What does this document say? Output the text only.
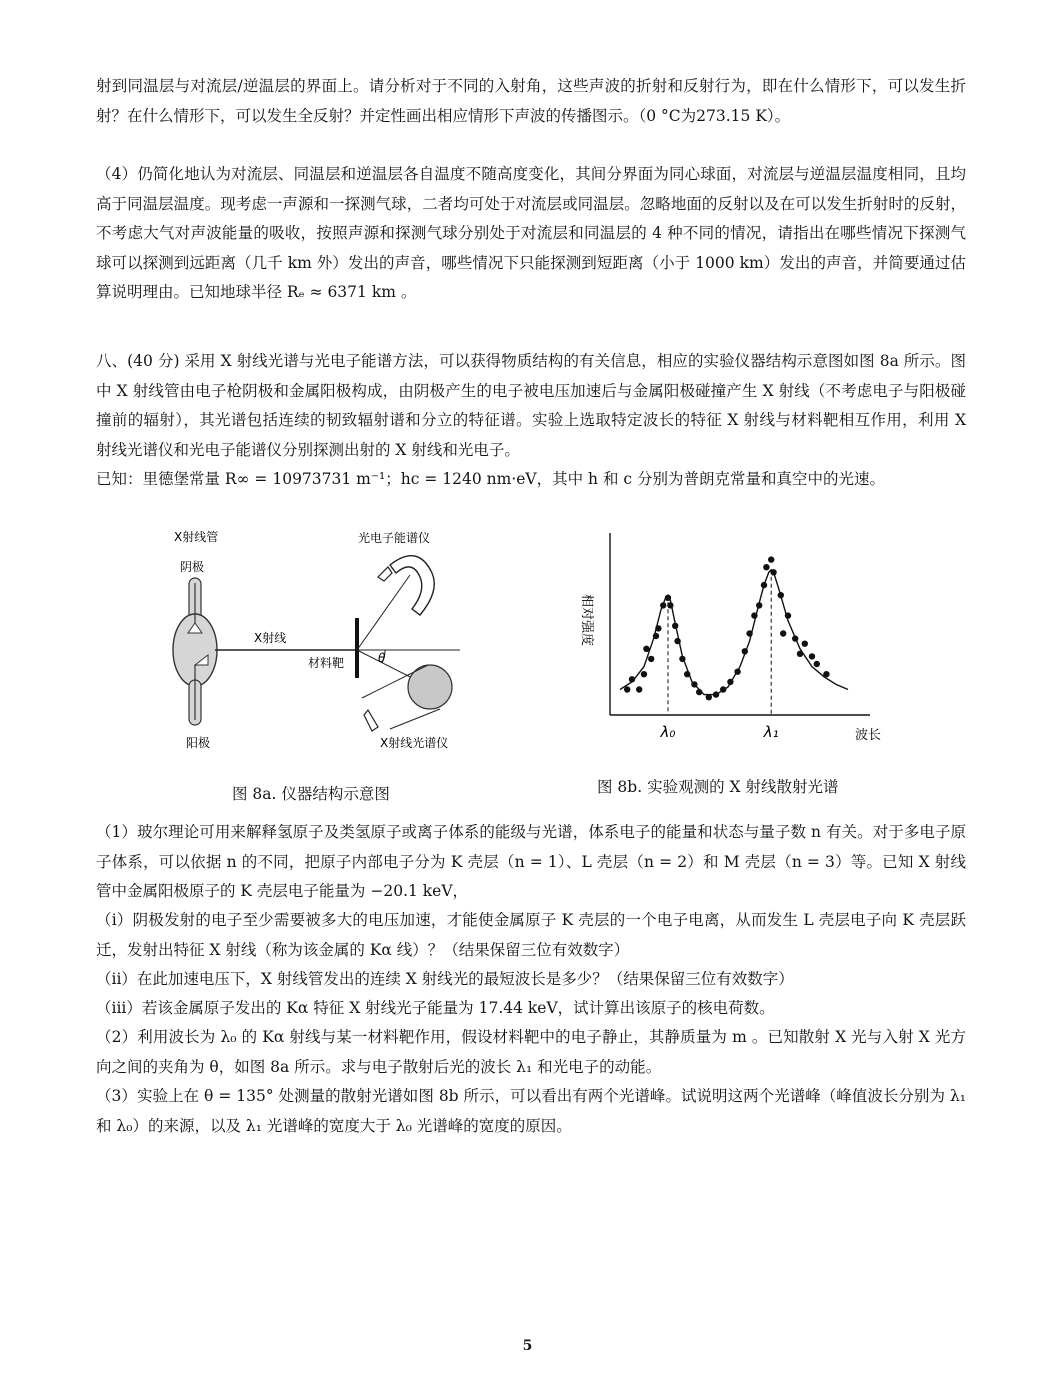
射到同温层与对流层/逆温层的界面上。请分析对于不同的入射角，这些声波的折射和反射行为，即在什么情形下，可以发生折射？在什么情形下，可以发生全反射？并定性画出相应情形下声波的传播图示。（0 °C为273.15 K）。

（4）仍简化地认为对流层、同温层和逆温层各自温度不随高度变化，其间分界面为同心球面，对流层与逆温层温度相同，且均高于同温层温度。现考虑一声源和一探测气球，二者均可处于对流层或同温层。忽略地面的反射以及在可以发生折射时的反射，不考虑大气对声波能量的吸收，按照声源和探测气球分别处于对流层和同温层的 4 种不同的情况，请指出在哪些情况下探测气球可以探测到远距离（几千 km 外）发出的声音，哪些情况下只能探测到短距离（小于 1000 km）发出的声音，并简要通过估算说明理由。已知地球半径 Rₑ ≈ 6371 km 。

八、(40 分) 采用 X 射线光谱与光电子能谱方法，可以获得物质结构的有关信息，相应的实验仪器结构示意图如图 8a 所示。图中 X 射线管由电子枪阴极和金属阳极构成，由阴极产生的电子被电压加速后与金属阳极碰撞产生 X 射线（不考虑电子与阳极碰撞前的辐射），其光谱包括连续的韧致辐射谱和分立的特征谱。实验上选取特定波长的特征 X 射线与材料靶相互作用，利用 X 射线光谱仪和光电子能谱仪分别探测出射的 X 射线和光电子。

已知：里德堡常量 R∞ = 10973731 m⁻¹；hc = 1240 nm·eV，其中 h 和 c 分别为普朗克常量和真空中的光速。

X射线管
阴极
阳极
X射线
材料靶	θ
光电子能谱仪
X射线光谱仪
相对强度
波长
λ₀	λ₁
图 8a. 仪器结构示意图	图 8b. 实验观测的 X 射线散射光谱

（1）玻尔理论可用来解释氢原子及类氢原子或离子体系的能级与光谱，体系电子的能量和状态与量子数 n 有关。对于多电子原子体系，可以依据 n 的不同，把原子内部电子分为 K 壳层（n = 1）、L 壳层（n = 2）和 M 壳层（n = 3）等。已知 X 射线管中金属阳极原子的 K 壳层电子能量为 −20.1 keV，

（i）阴极发射的电子至少需要被多大的电压加速，才能使金属原子 K 壳层的一个电子电离，从而发生 L 壳层电子向 K 壳层跃迁，发射出特征 X 射线（称为该金属的 Kα 线）？（结果保留三位有效数字）

（ii）在此加速电压下，X 射线管发出的连续 X 射线光的最短波长是多少？（结果保留三位有效数字）

（iii）若该金属原子发出的 Kα 特征 X 射线光子能量为 17.44 keV，试计算出该原子的核电荷数。

（2）利用波长为 λ₀ 的 Kα 射线与某一材料靶作用，假设材料靶中的电子静止，其静质量为 m 。已知散射 X 光与入射 X 光方向之间的夹角为 θ，如图 8a 所示。求与电子散射后光的波长 λ₁ 和光电子的动能。

（3）实验上在 θ = 135° 处测量的散射光谱如图 8b 所示，可以看出有两个光谱峰。试说明这两个光谱峰（峰值波长分别为 λ₁ 和 λ₀）的来源，以及 λ₁ 光谱峰的宽度大于 λ₀ 光谱峰的宽度的原因。

5
